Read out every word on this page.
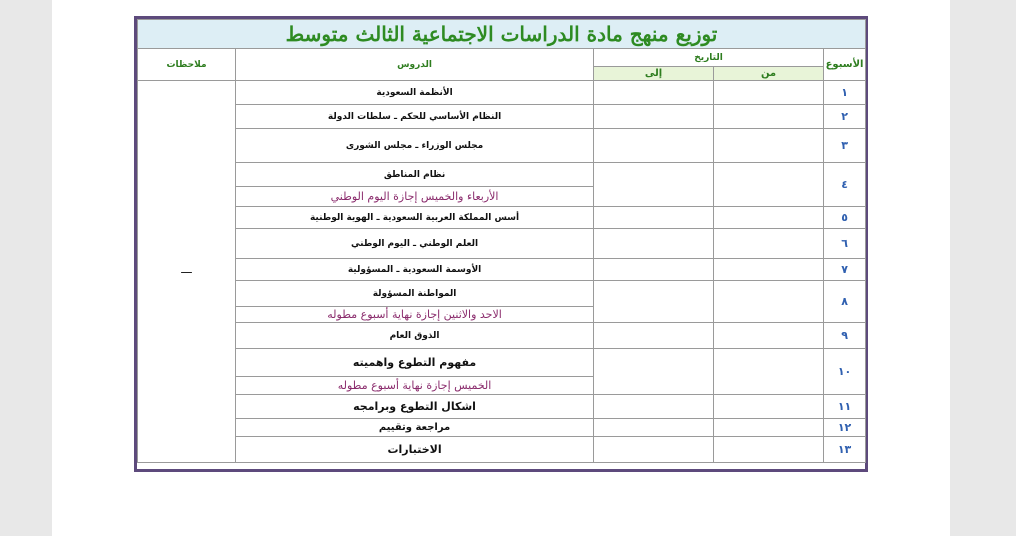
توزيع منهج مادة الدراسات الاجتماعية الثالث متوسط				
الأسبوع	التاريخ		الدروس	ملاحظات
	من	إلى		
١			الأنظمة السعودية	—
٢			النظام الأساسي للحكم ـ سلطات الدولة	
٣			مجلس الوزراء ـ مجلس الشورى	
٤			نظام المناطق	
			الأربعاء والخميس إجازة اليوم الوطني	
٥			أسس المملكة العربية السعودية ـ الهوية الوطنية	
٦			العلم الوطني ـ اليوم الوطني	
٧			الأوسمة السعودية ـ المسؤولية	
٨			المواطنة المسؤولة	
			الاحد والاثنين إجازة نهاية أسبوع مطوله	
٩			الذوق العام	
١٠			مفهوم التطوع واهميته	
			الخميس إجازة نهاية أسبوع مطوله	
١١			اشكال التطوع وبرامجه	
١٢			مراجعة وتقييم	
١٣			الاختبارات	
